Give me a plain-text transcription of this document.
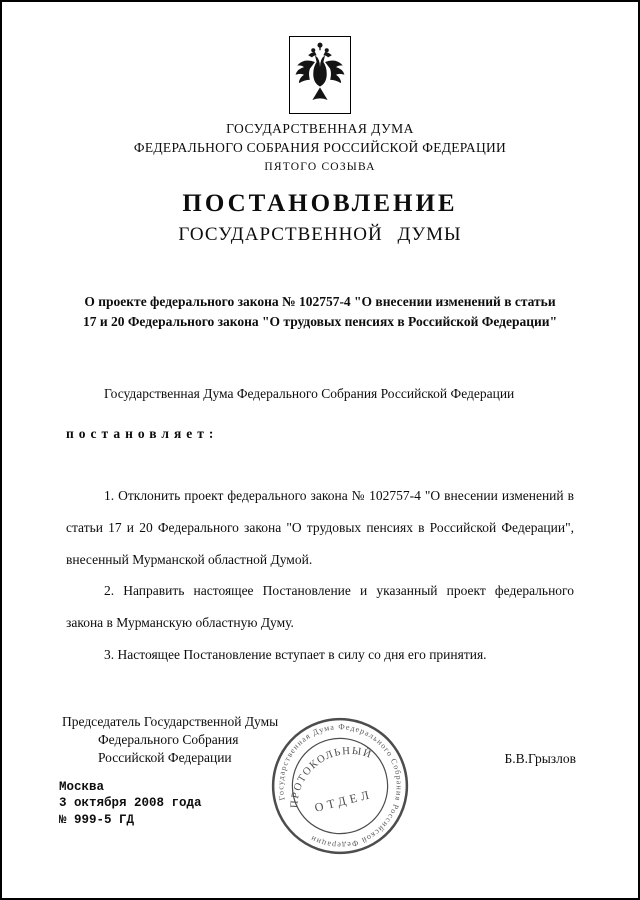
ГОСУДАРСТВЕННАЯ ДУМА
ФЕДЕРАЛЬНОГО СОБРАНИЯ РОССИЙСКОЙ ФЕДЕРАЦИИ
ПЯТОГО СОЗЫВА
ПОСТАНОВЛЕНИЕ
ГОСУДАРСТВЕННОЙ ДУМЫ
О проекте федерального закона № 102757-4 "О внесении изменений в статьи 17 и 20 Федерального закона "О трудовых пенсиях в Российской Федерации"

Государственная Дума Федерального Собрания Российской Федерации

постановляет:

1. Отклонить проект федерального закона № 102757-4 "О внесении изменений в статьи 17 и 20 Федерального закона "О трудовых пенсиях в Российской Федерации", внесенный Мурманской областной Думой.

2. Направить настоящее Постановление и указанный проект федерального закона в Мурманскую областную Думу.

3. Настоящее Постановление вступает в силу со дня его принятия.

Председатель Государственной Думы
Федерального Собрания
Российской Федерации	Б.В.Грызлов
Москва
3 октября 2008 года
№ 999-5 ГД
Государственная Дума Федерального Собрания Российской Федерации
ПРОТОКОЛЬНЫЙ
ОТДЕЛ
